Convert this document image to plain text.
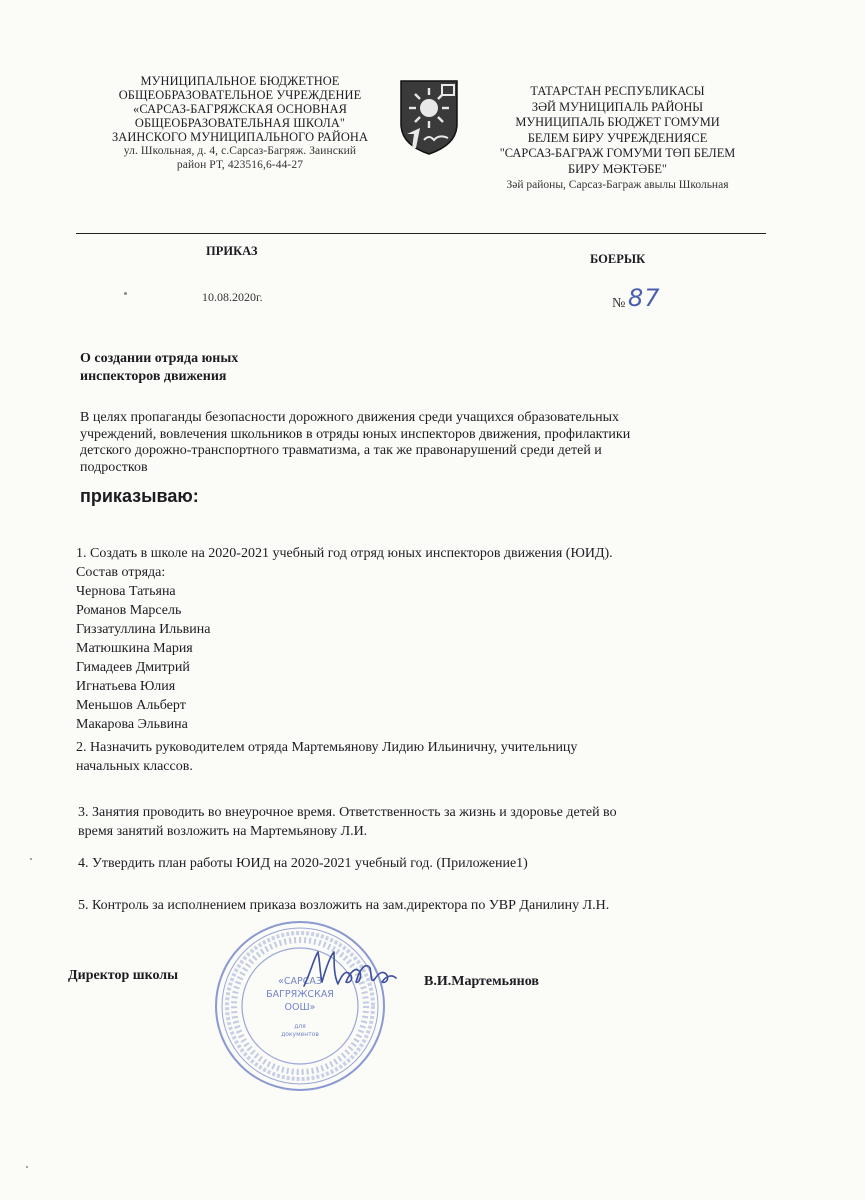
МУНИЦИПАЛЬНОЕ БЮДЖЕТНОЕ
ОБЩЕОБРАЗОВАТЕЛЬНОЕ УЧРЕЖДЕНИЕ
«САРСАЗ-БАГРЯЖСКАЯ ОСНОВНАЯ
ОБЩЕОБРАЗОВАТЕЛЬНАЯ ШКОЛА"
ЗАИНСКОГО МУНИЦИПАЛЬНОГО РАЙОНА
ул. Школьная, д. 4, с.Сарсаз-Багряж. Заинский
район РТ, 423516,6-44-27
ТАТАРСТАН РЕСПУБЛИКАСЫ
ЗӘЙ МУНИЦИПАЛЬ РАЙОНЫ
МУНИЦИПАЛЬ БЮДЖЕТ ГОМУМИ
БЕЛЕМ БИРУ УЧРЕЖДЕНИЯСЕ
"САРСАЗ-БАГРАЖ ГОМУМИ ТӨП БЕЛЕМ
БИРУ МӘКТӘБЕ"
Зәй районы, Сарсаз-Баграж авылы Школьная
ПРИКАЗ
БОЕРЫК
10.08.2020г.	№ 87
О создании отряда юных
инспекторов движения
В целях пропаганды безопасности дорожного движения среди учащихся образовательных
учреждений, вовлечения школьников в отряды юных инспекторов движения, профилактики
детского дорожно-транспортного травматизма, а так же правонарушений среди детей и
подростков
приказываю:
1. Создать в школе на 2020-2021 учебный год отряд юных инспекторов движения (ЮИД).
Состав отряда:
Чернова Татьяна
Романов Марсель
Гиззатуллина Ильвина
Матюшкина Мария
Гимадеев Дмитрий
Игнатьева Юлия
Меньшов Альберт
Макарова Эльвина
2. Назначить руководителем отряда Мартемьянову Лидию Ильиничну, учительницу
начальных классов.
3. Занятия проводить во внеурочное время. Ответственность за жизнь и здоровье детей во
время занятий возложить на Мартемьянову Л.И.
4. Утвердить план работы ЮИД на 2020-2021 учебный год. (Приложение1)
5. Контроль за исполнением приказа возложить на зам.директора по УВР Данилину Л.Н.
«САРСАЗ
БАГРЯЖСКАЯ
ООШ»
для
документов
Директор школы	В.И.Мартемьянов
